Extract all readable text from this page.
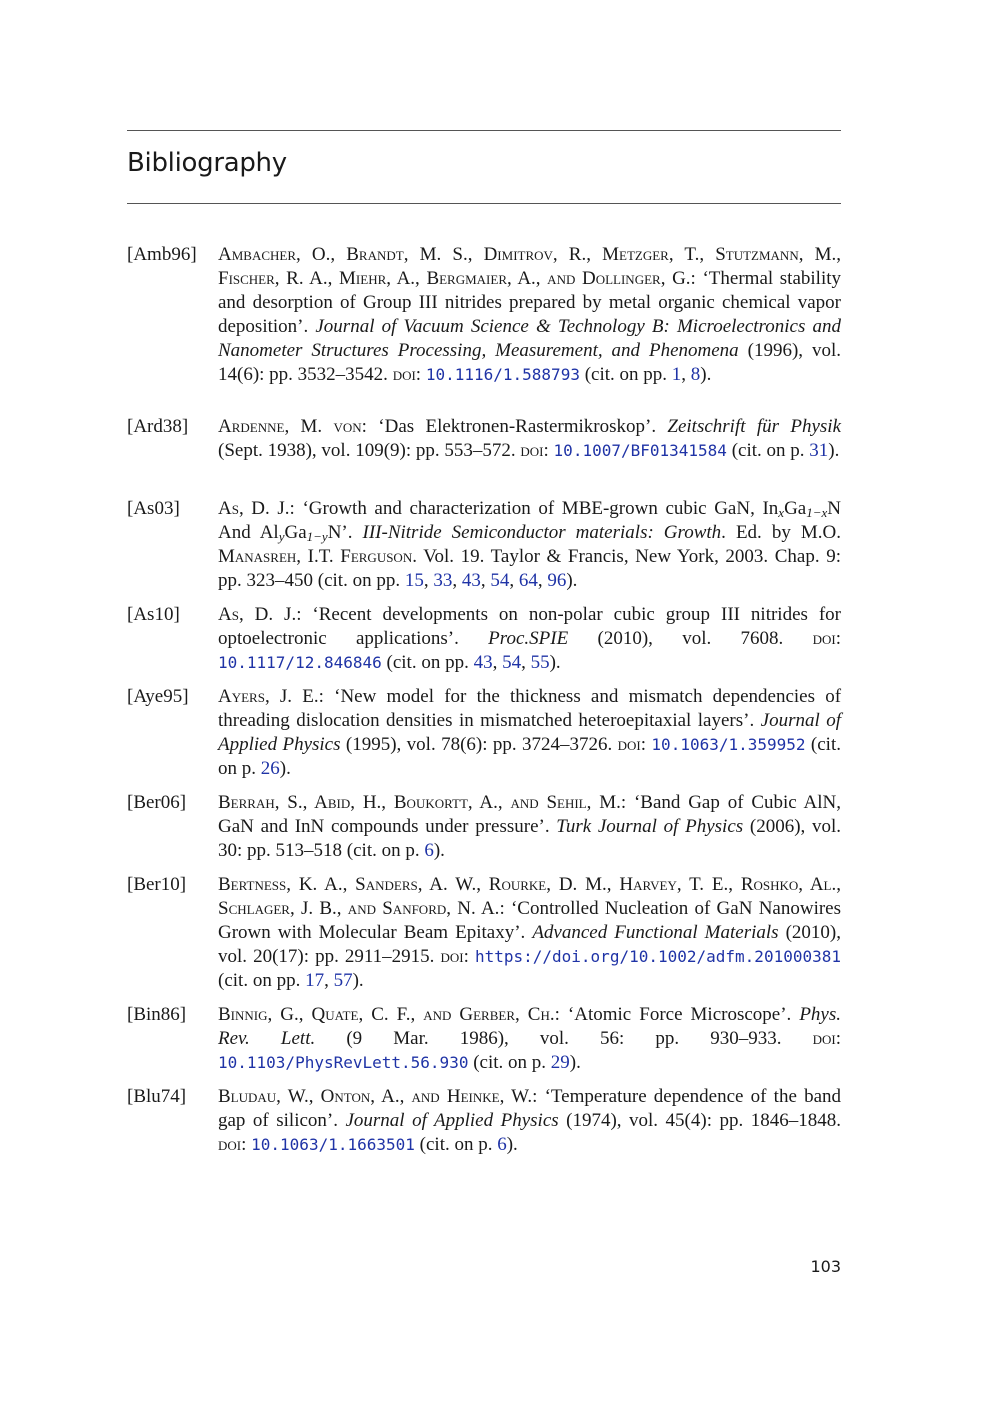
Bibliography
[Amb96]	Ambacher, O., Brandt, M. S., Dimitrov, R., Metzger, T., Stutzmann, M., Fischer, R. A., Miehr, A., Bergmaier, A., and Dollinger, G.: ‘Thermal stability and desorption of Group III nitrides prepared by metal organic chemical vapor deposition’. Journal of Vacuum Science & Technology B: Microelectronics and Nanometer Structures Processing, Measurement, and Phenomena (1996), vol. 14(6): pp. 3532–3542. doi: 10.1116/1.588793 (cit. on pp. 1, 8).
[Ard38]	Ardenne, M. von: ‘Das Elektronen-Rastermikroskop’. Zeitschrift für Physik (Sept. 1938), vol. 109(9): pp. 553–572. doi: 10.1007/BF01341584 (cit. on p. 31).
[As03]	As, D. J.: ‘Growth and characterization of MBE-grown cubic GaN, $In_xGa_{1-x}N$ And $Al_yGa_{1-y}N$’. III-Nitride Semiconductor materials: Growth. Ed. by M.O. Manasreh, I.T. Ferguson. Vol. 19. Taylor & Francis, New York, 2003. Chap. 9: pp. 323–450 (cit. on pp. 15, 33, 43, 54, 64, 96).
[As10]	As, D. J.: ‘Recent developments on non-polar cubic group III nitrides for optoelectronic applications’. Proc.SPIE (2010), vol. 7608. doi: 10.1117/12.846846 (cit. on pp. 43, 54, 55).
[Aye95]	Ayers, J. E.: ‘New model for the thickness and mismatch dependencies of threading dislocation densities in mismatched heteroepitaxial layers’. Journal of Applied Physics (1995), vol. 78(6): pp. 3724–3726. doi: 10.1063/1.359952 (cit. on p. 26).
[Ber06]	Berrah, S., Abid, H., Boukortt, A., and Sehil, M.: ‘Band Gap of Cubic AlN, GaN and InN compounds under pressure’. Turk Journal of Physics (2006), vol. 30: pp. 513–518 (cit. on p. 6).
[Ber10]	Bertness, K. A., Sanders, A. W., Rourke, D. M., Harvey, T. E., Roshko, Al., Schlager, J. B., and Sanford, N. A.: ‘Controlled Nucleation of GaN Nanowires Grown with Molecular Beam Epitaxy’. Advanced Functional Materials (2010), vol. 20(17): pp. 2911–2915. doi: https://doi.org/10.1002/adfm.201000381 (cit. on pp. 17, 57).
[Bin86]	Binnig, G., Quate, C. F., and Gerber, Ch.: ‘Atomic Force Microscope’. Phys. Rev. Lett. (9 Mar. 1986), vol. 56: pp. 930–933. doi: 10.1103/PhysRevLett.56.930 (cit. on p. 29).
[Blu74]	Bludau, W., Onton, A., and Heinke, W.: ‘Temperature dependence of the band gap of silicon’. Journal of Applied Physics (1974), vol. 45(4): pp. 1846–1848. doi: 10.1063/1.1663501 (cit. on p. 6).
103
